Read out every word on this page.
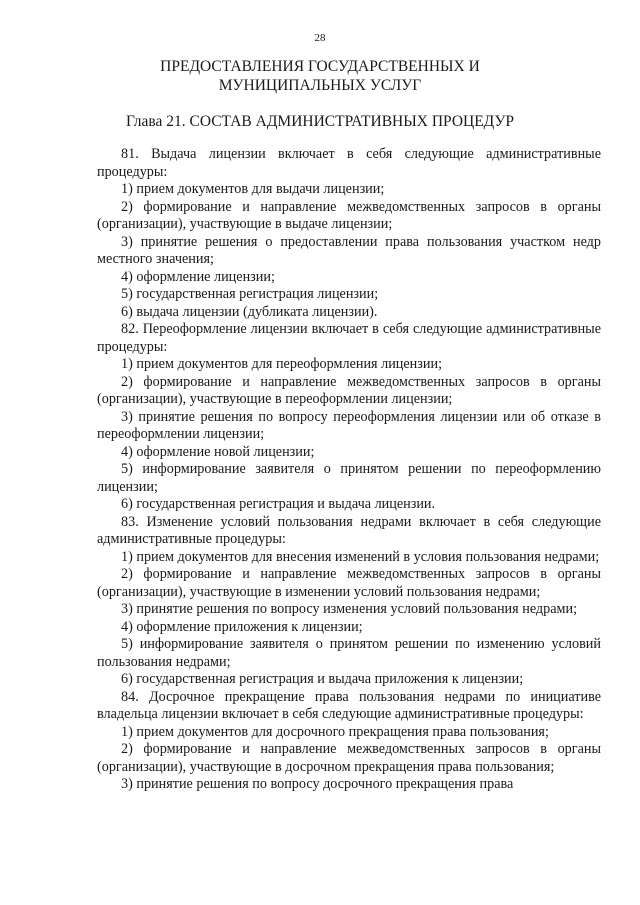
28
ПРЕДОСТАВЛЕНИЯ ГОСУДАРСТВЕННЫХ И МУНИЦИПАЛЬНЫХ УСЛУГ
Глава 21. СОСТАВ АДМИНИСТРАТИВНЫХ ПРОЦЕДУР

81. Выдача лицензии включает в себя следующие административные процедуры:

1) прием документов для выдачи лицензии;

2) формирование и направление межведомственных запросов в органы (организации), участвующие в выдаче лицензии;

3) принятие решения о предоставлении права пользования участком недр местного значения;

4) оформление лицензии;

5) государственная регистрация лицензии;

6) выдача лицензии (дубликата лицензии).

82. Переоформление лицензии включает в себя следующие административные процедуры:

1) прием документов для переоформления лицензии;

2) формирование и направление межведомственных запросов в органы (организации), участвующие в переоформлении лицензии;

3) принятие решения по вопросу переоформления лицензии или об отказе в переоформлении лицензии;

4) оформление новой лицензии;

5) информирование заявителя о принятом решении по переоформлению лицензии;

6) государственная регистрация и выдача лицензии.

83. Изменение условий пользования недрами включает в себя следующие административные процедуры:

1) прием документов для внесения изменений в условия пользования недрами;

2) формирование и направление межведомственных запросов в органы (организации), участвующие в изменении условий пользования недрами;

3) принятие решения по вопросу изменения условий пользования недрами;

4) оформление приложения к лицензии;

5) информирование заявителя о принятом решении по изменению условий пользования недрами;

6) государственная регистрация и выдача приложения к лицензии;

84. Досрочное прекращение права пользования недрами по инициативе владельца лицензии включает в себя следующие административные процедуры:

1) прием документов для досрочного прекращения права пользования;

2) формирование и направление межведомственных запросов в органы (организации), участвующие в досрочном прекращения права пользования;

3) принятие решения по вопросу досрочного прекращения права
